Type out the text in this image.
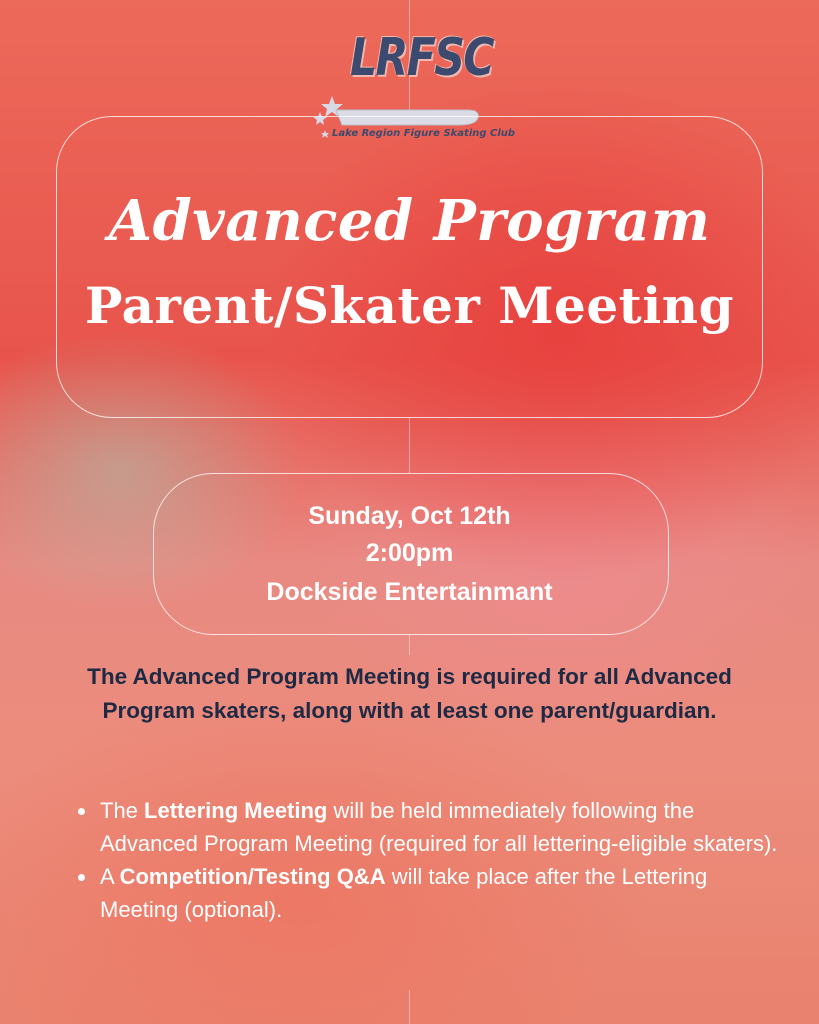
LRFSC
Lake Region Figure Skating Club
Advanced Program
Parent/Skater Meeting
Sunday, Oct 12th
2:00pm
Dockside Entertainmant
The Advanced Program Meeting is required for all Advanced Program skaters, along with at least one parent/guardian.
• The Lettering Meeting will be held immediately following the Advanced Program Meeting (required for all lettering-eligible skaters).
• A Competition/Testing Q&A will take place after the Lettering Meeting (optional).
